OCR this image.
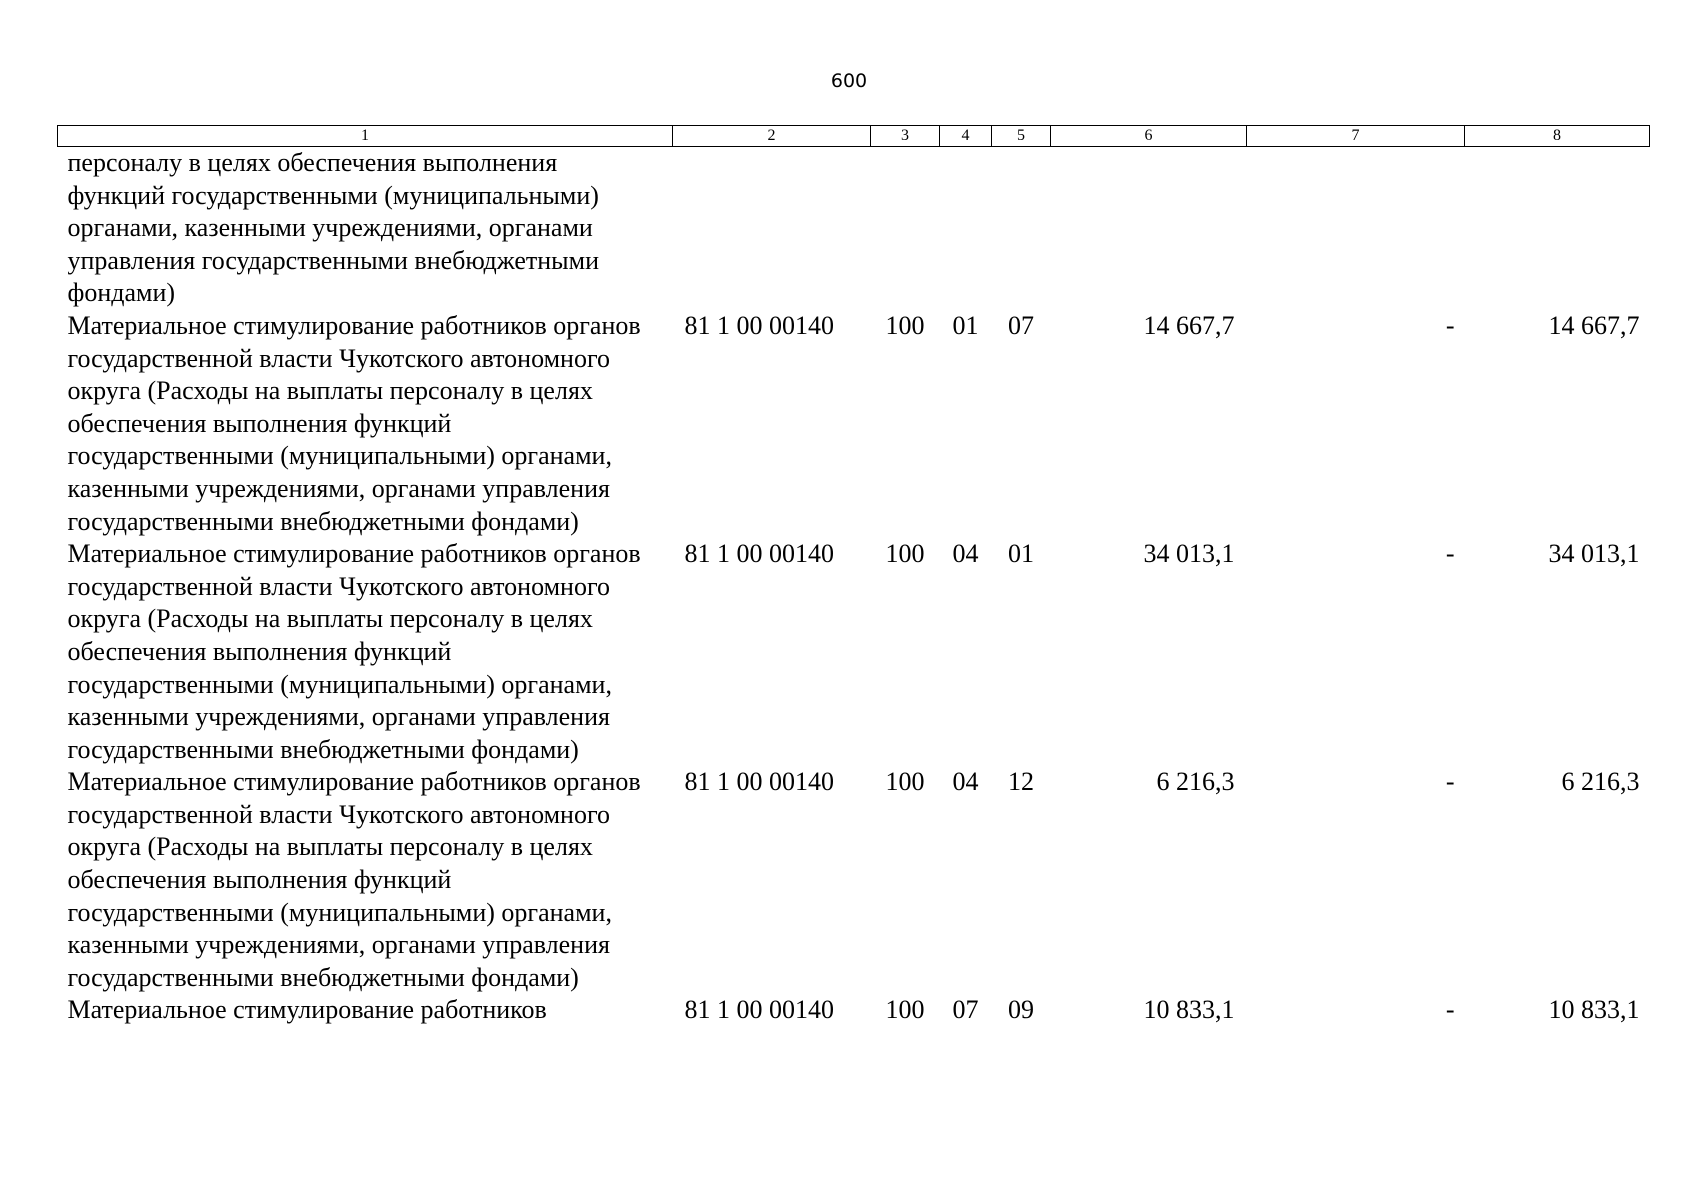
600
1	2	3	4	5	6	7	8
персоналу в целях обеспечения выполнения функций государственными (муниципальными) органами, казенными учреждениями, органами управления государственными внебюджетными фондами)							
Материальное стимулирование работников органов государственной власти Чукотского автономного округа (Расходы на выплаты персоналу в целях обеспечения выполнения функций государственными (муниципальными) органами, казенными учреждениями, органами управления государственными внебюджетными фондами)	81 1 00 00140	100	01	07	14 667,7	-	14 667,7
Материальное стимулирование работников органов государственной власти Чукотского автономного округа (Расходы на выплаты персоналу в целях обеспечения выполнения функций государственными (муниципальными) органами, казенными учреждениями, органами управления государственными внебюджетными фондами)	81 1 00 00140	100	04	01	34 013,1	-	34 013,1
Материальное стимулирование работников органов государственной власти Чукотского автономного округа (Расходы на выплаты персоналу в целях обеспечения выполнения функций государственными (муниципальными) органами, казенными учреждениями, органами управления государственными внебюджетными фондами)	81 1 00 00140	100	04	12	6 216,3	-	6 216,3
Материальное стимулирование работников	81 1 00 00140	100	07	09	10 833,1	-	10 833,1
